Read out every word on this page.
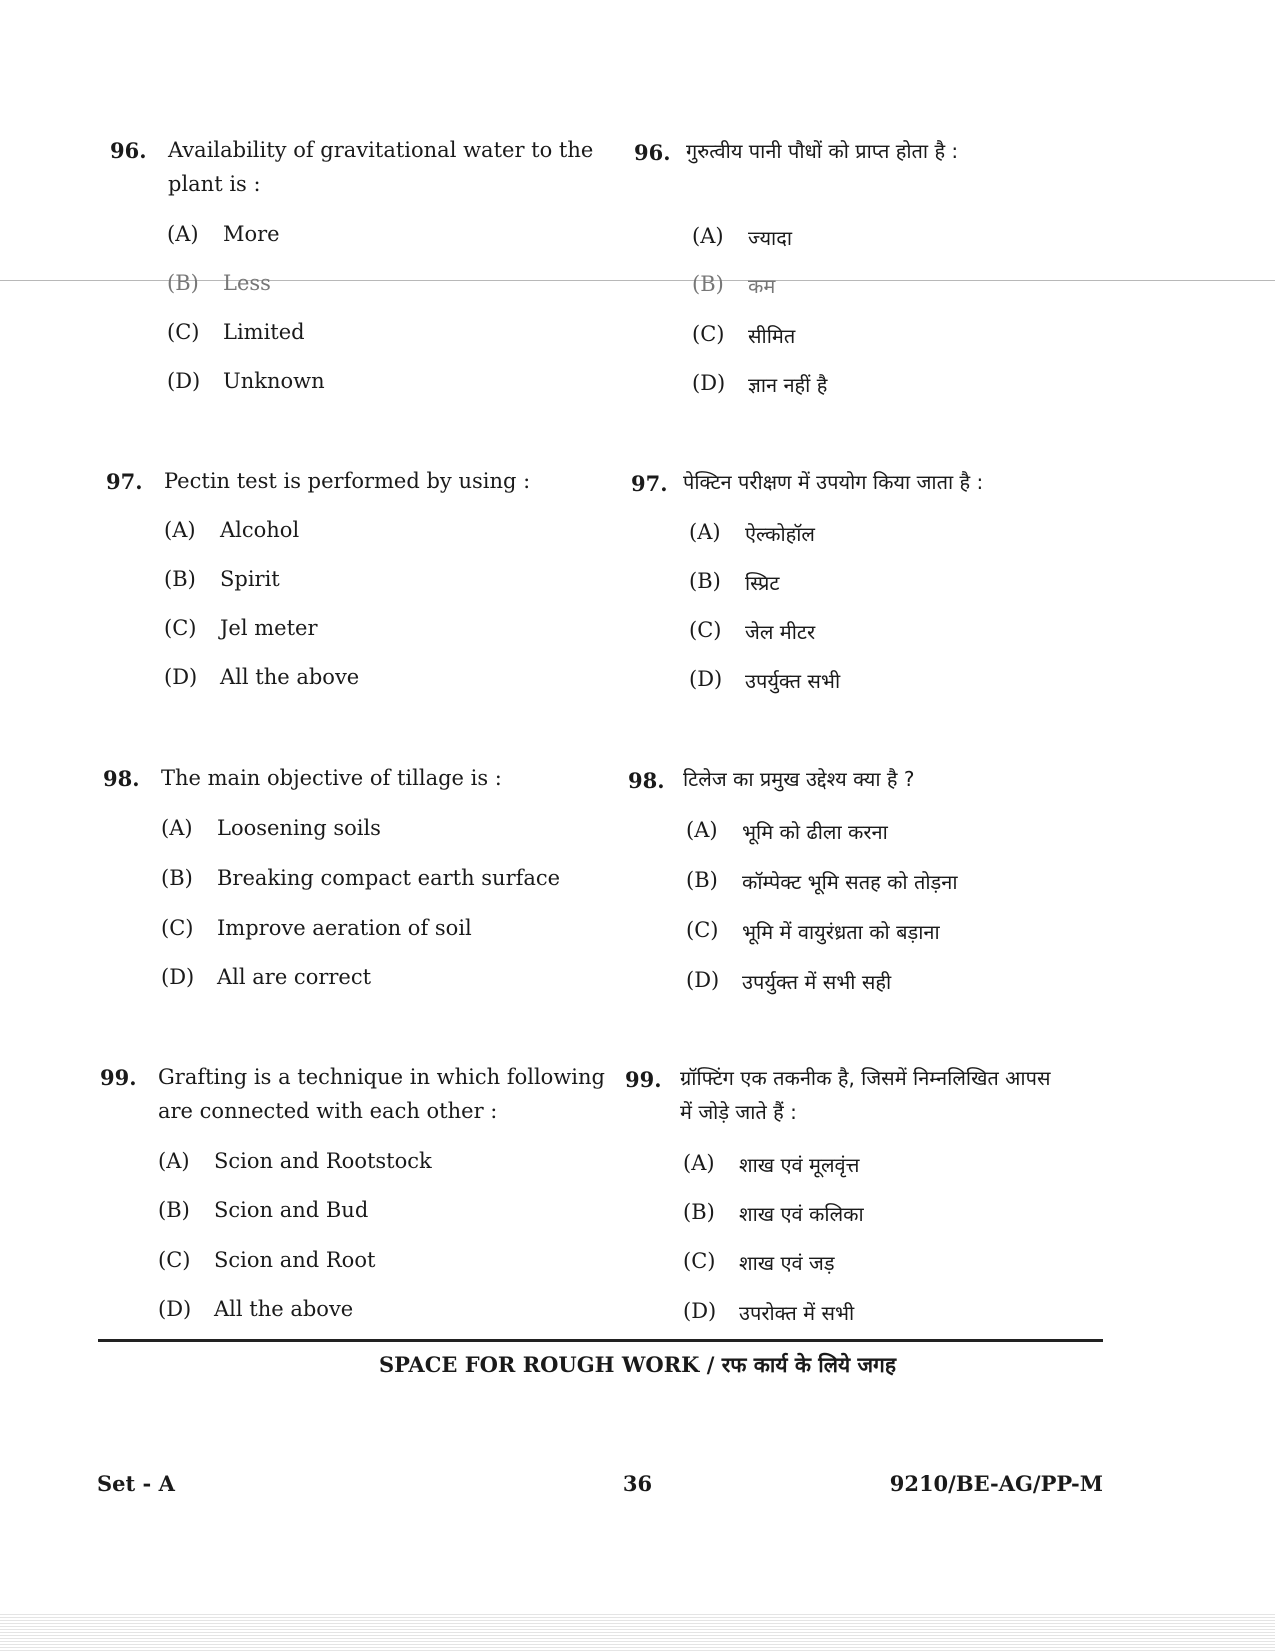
96. Availability of gravitational water to the
plant is :
(A) More
(B) Less
(C) Limited
(D) Unknown
97. Pectin test is performed by using :
(A) Alcohol
(B) Spirit
(C) Jel meter
(D) All the above
98. The main objective of tillage is :
(A) Loosening soils
(B) Breaking compact earth surface
(C) Improve aeration of soil
(D) All are correct
99. Grafting is a technique in which following
are connected with each other :
(A) Scion and Rootstock
(B) Scion and Bud
(C) Scion and Root
(D) All the above
96. गुरुत्वीय पानी पौधों को प्राप्त होता है :
(A) ज्यादा
(B) कम
(C) सीमित
(D) ज्ञान नहीं है
97. पेक्टिन परीक्षण में उपयोग किया जाता है :
(A) ऐल्कोहॉल
(B) स्प्रिट
(C) जेल मीटर
(D) उपर्युक्त सभी
98. टिलेज का प्रमुख उद्देश्य क्या है ?
(A) भूमि को ढीला करना
(B) कॉम्पेक्ट भूमि सतह को तोड़ना
(C) भूमि में वायुरंध्रता को बड़ाना
(D) उपर्युक्त में सभी सही
99. ग्रॉफ्टिंग एक तकनीक है, जिसमें निम्नलिखित आपस
में जोड़े जाते हैं :
(A) शाख एवं मूलवृंत्त
(B) शाख एवं कलिका
(C) शाख एवं जड़
(D) उपरोक्त में सभी
SPACE FOR ROUGH WORK / रफ कार्य के लिये जगह
Set - A	36	9210/BE-AG/PP-M
